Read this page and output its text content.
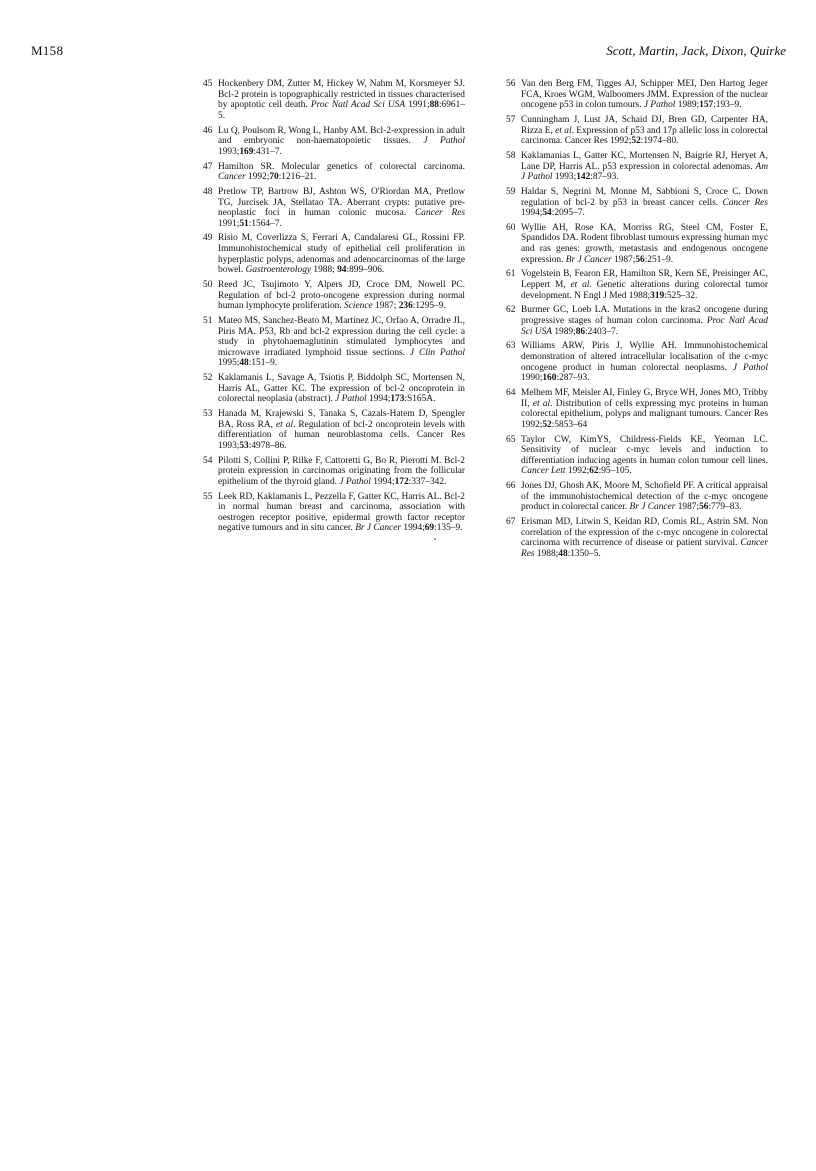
M158	Scott, Martin, Jack, Dixon, Quirke
45 Hockenbery DM, Zutter M, Hickey W, Nahm M, Korsmeyer SJ. Bcl-2 protein is topographically restricted in tissues characterised by apoptotic cell death. Proc Natl Acad Sci USA 1991;88:6961–5.
46 Lu Q, Poulsom R, Wong L, Hanby AM. Bcl-2-expression in adult and embryonic non-haematopoietic tissues. J Pathol 1993;169:431–7.
47 Hamilton SR. Molecular genetics of colorectal carcinoma. Cancer 1992;70:1216–21.
48 Pretlow TP, Bartrow BJ, Ashton WS, O'Riordan MA, Pretlow TG, Jurcisek JA, Stellatao TA. Aberrant crypts: putative pre-neoplastic foci in human colonic mucosa. Cancer Res 1991;51:1564–7.
49 Risio M, Coverlizza S, Ferrari A, Candalaresi GL, Rossini FP. Immunohistochemical study of epithelial cell proliferation in hyperplastic polyps, adenomas and adenocarcinomas of the large bowel. Gastroenterology 1988; 94:899–906.
50 Reed JC, Tsujimoto Y, Alpers JD, Croce DM, Nowell PC. Regulation of bcl-2 proto-oncogene expression during normal human lymphocyte proliferation. Science 1987; 236:1295–9.
51 Mateo MS, Sanchez-Beato M, Martinez JC, Orfao A, Orradre JL, Piris MA. P53, Rb and bcl-2 expression during the cell cycle: a study in phytohaemaglutinin stimulated lymphocytes and microwave irradiated lymphoid tissue sections. J Clin Pathol 1995;48:151–9.
52 Kaklamanis L, Savage A, Tsiotis P, Biddolph SC, Mortensen N, Harris AL, Gatter KC. The expression of bcl-2 oncoprotein in colorectal neoplasia (abstract). J Pathol 1994;173:S165A.
53 Hanada M, Krajewski S, Tanaka S, Cazals-Hatem D, Spengler BA, Ross RA, et al. Regulation of bcl-2 oncoprotein levels with differentiation of human neuroblastoma cells. Cancer Res 1993;53:4978–86.
54 Pilotti S, Collini P, Rilke F, Cattoretti G, Bo R, Pierotti M. Bcl-2 protein expression in carcinomas originating from the follicular epithelium of the thyroid gland. J Pathol 1994;172:337–342.
55 Leek RD, Kaklamanis L, Pezzella F, Gatter KC, Harris AL. Bcl-2 in normal human breast and carcinoma, association with oestrogen receptor positive, epidermal growth factor receptor negative tumours and in situ cancer. Br J Cancer 1994;69:135–9.
56 Van den Berg FM, Tigges AJ, Schipper MEI, Den Hartog Jeger FCA, Kroes WGM, Walboomers JMM. Expression of the nuclear oncogene p53 in colon tumours. J Pathol 1989;157:193–9.
57 Cunningham J, Lust JA, Schaid DJ, Bren GD, Carpenter HA, Rizza E, et al. Expression of p53 and 17p allelic loss in colorectal carcinoma. Cancer Res 1992;52:1974–80.
58 Kaklamanias L, Gatter KC, Mortensen N, Baigrie RJ, Heryet A, Lane DP, Harris AL. p53 expression in colorectal adenomas. Am J Pathol 1993;142:87–93.
59 Haldar S, Negrini M, Monne M, Sabbioni S, Croce C. Down regulation of bcl-2 by p53 in breast cancer cells. Cancer Res 1994;54:2095–7.
60 Wyllie AH, Rose KA, Morriss RG, Steel CM, Foster E, Spandidos DA. Rodent fibroblast tumours expressing human myc and ras genes: growth, metastasis and endogenous oncogene expression. Br J Cancer 1987;56:251–9.
61 Vogelstein B, Fearon ER, Hamilton SR, Kern SE, Preisinger AC, Leppert M, et al. Genetic alterations during colorectal tumor development. N Engl J Med 1988;319:525–32.
62 Burmer GC, Loeb LA. Mutations in the kras2 oncogene during progressive stages of human colon carcinoma. Proc Natl Acad Sci USA 1989;86:2403–7.
63 Williams ARW, Piris J, Wyllie AH. Immunohistochemical demonstration of altered intracellular localisation of the c-myc oncogene product in human colorectal neoplasms. J Pathol 1990;160:287–93.
64 Melhem MF, Meisler AI, Finley G, Bryce WH, Jones MO, Tribby II, et al. Distribution of cells expressing myc proteins in human colorectal epithelium, polyps and malignant tumours. Cancer Res 1992;52:5853–64
65 Taylor CW, KimYS, Childress-Fields KE, Yeoman LC. Sensitivity of nuclear c-myc levels and induction to differentiation inducing agents in human colon tumour cell lines. Cancer Lett 1992;62:95–105.
66 Jones DJ, Ghosh AK, Moore M, Schofield PF. A critical appraisal of the immunohistochemical detection of the c-myc oncogene product in colorectal cancer. Br J Cancer 1987;56:779–83.
67 Erisman MD, Litwin S, Keidan RD, Comis RL, Astrin SM. Non correlation of the expression of the c-myc oncogene in colorectal carcinoma with recurrence of disease or patient survival. Cancer Res 1988;48:1350–5.
